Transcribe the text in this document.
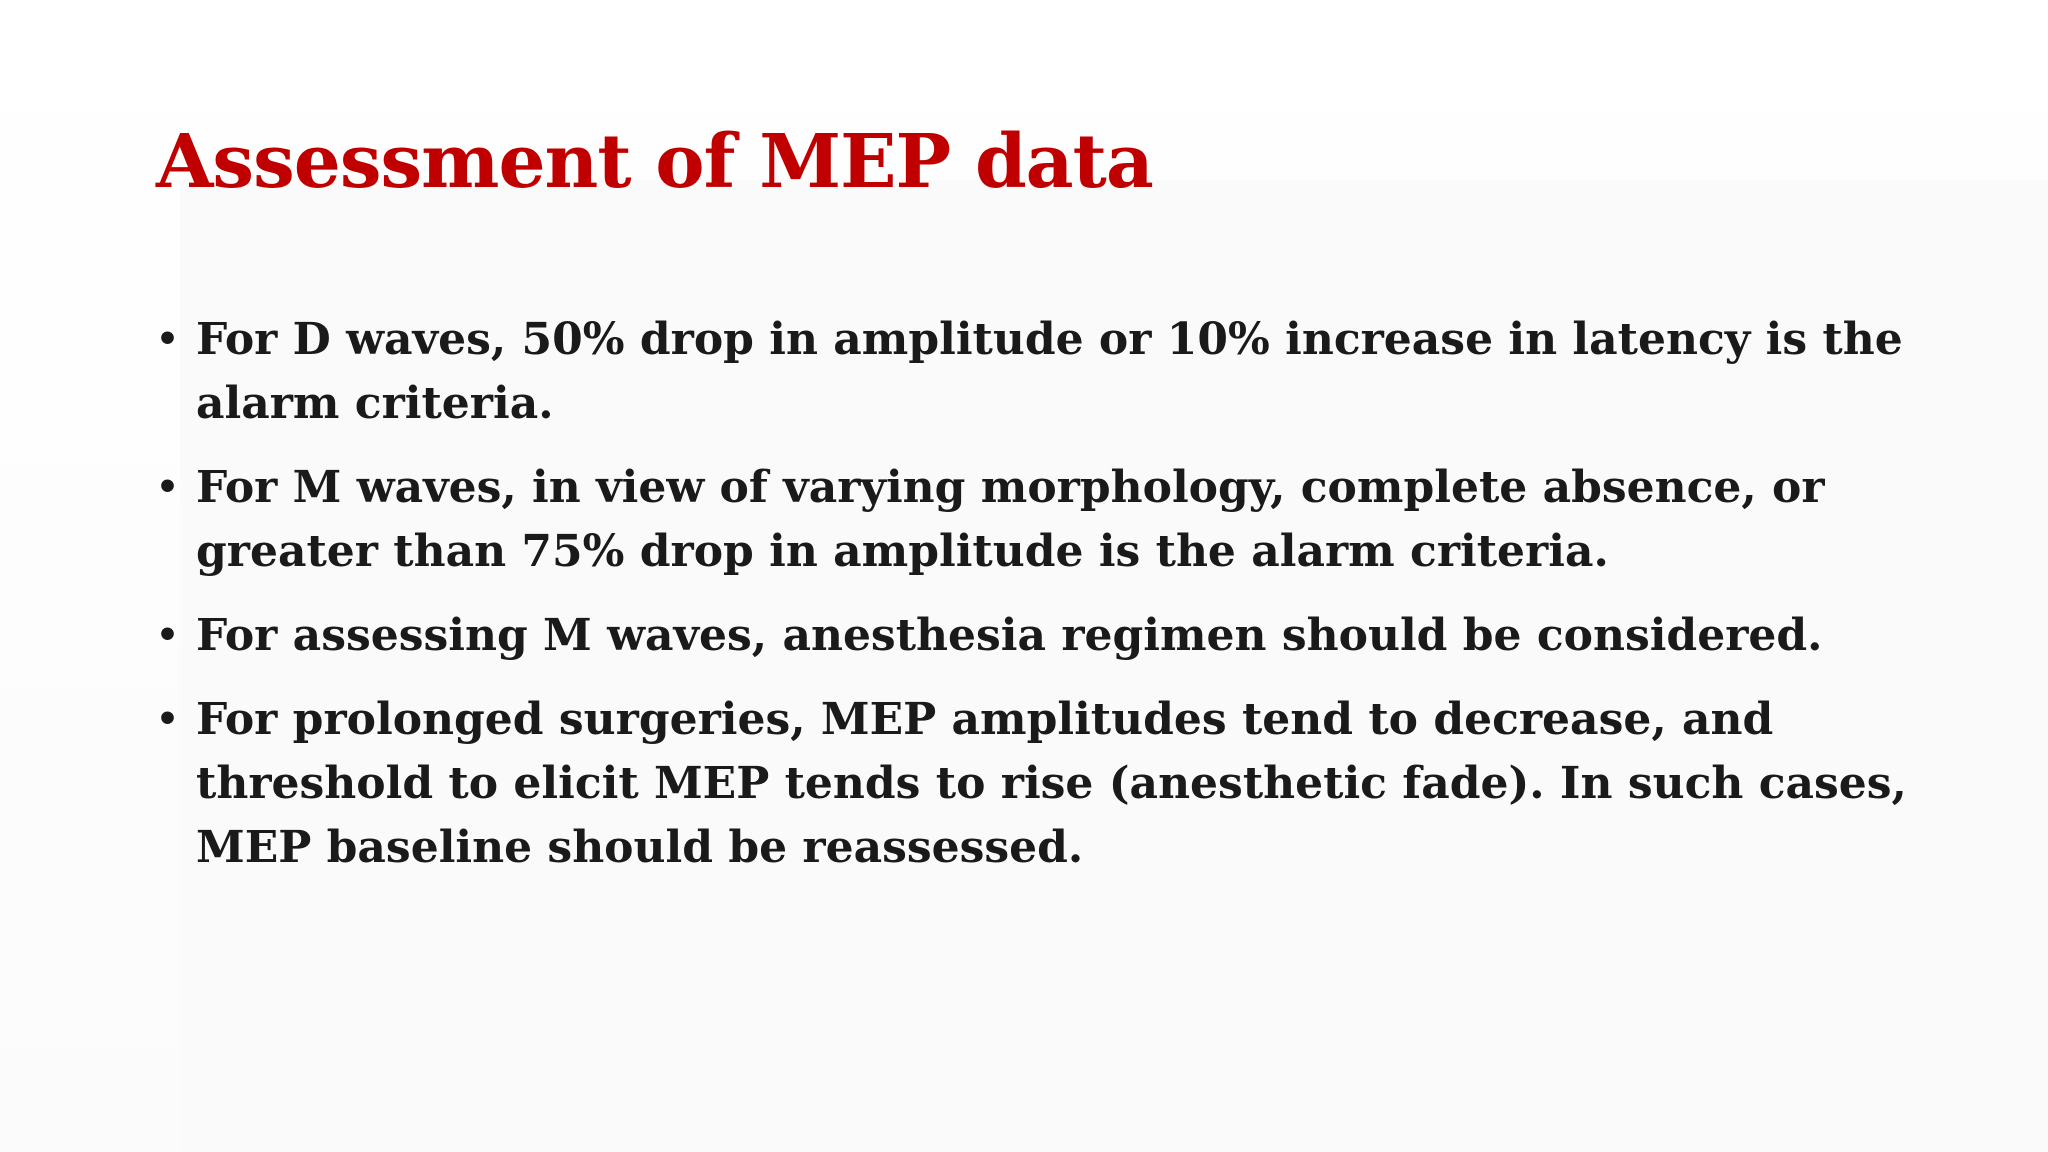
Assessment of MEP data
• For D waves, 50% drop in amplitude or 10% increase in latency is the alarm criteria.
• For M waves, in view of varying morphology, complete absence, or greater than 75% drop in amplitude is the alarm criteria.
• For assessing M waves, anesthesia regimen should be considered.
• For prolonged surgeries, MEP amplitudes tend to decrease, and threshold to elicit MEP tends to rise (anesthetic fade). In such cases, MEP baseline should be reassessed.
